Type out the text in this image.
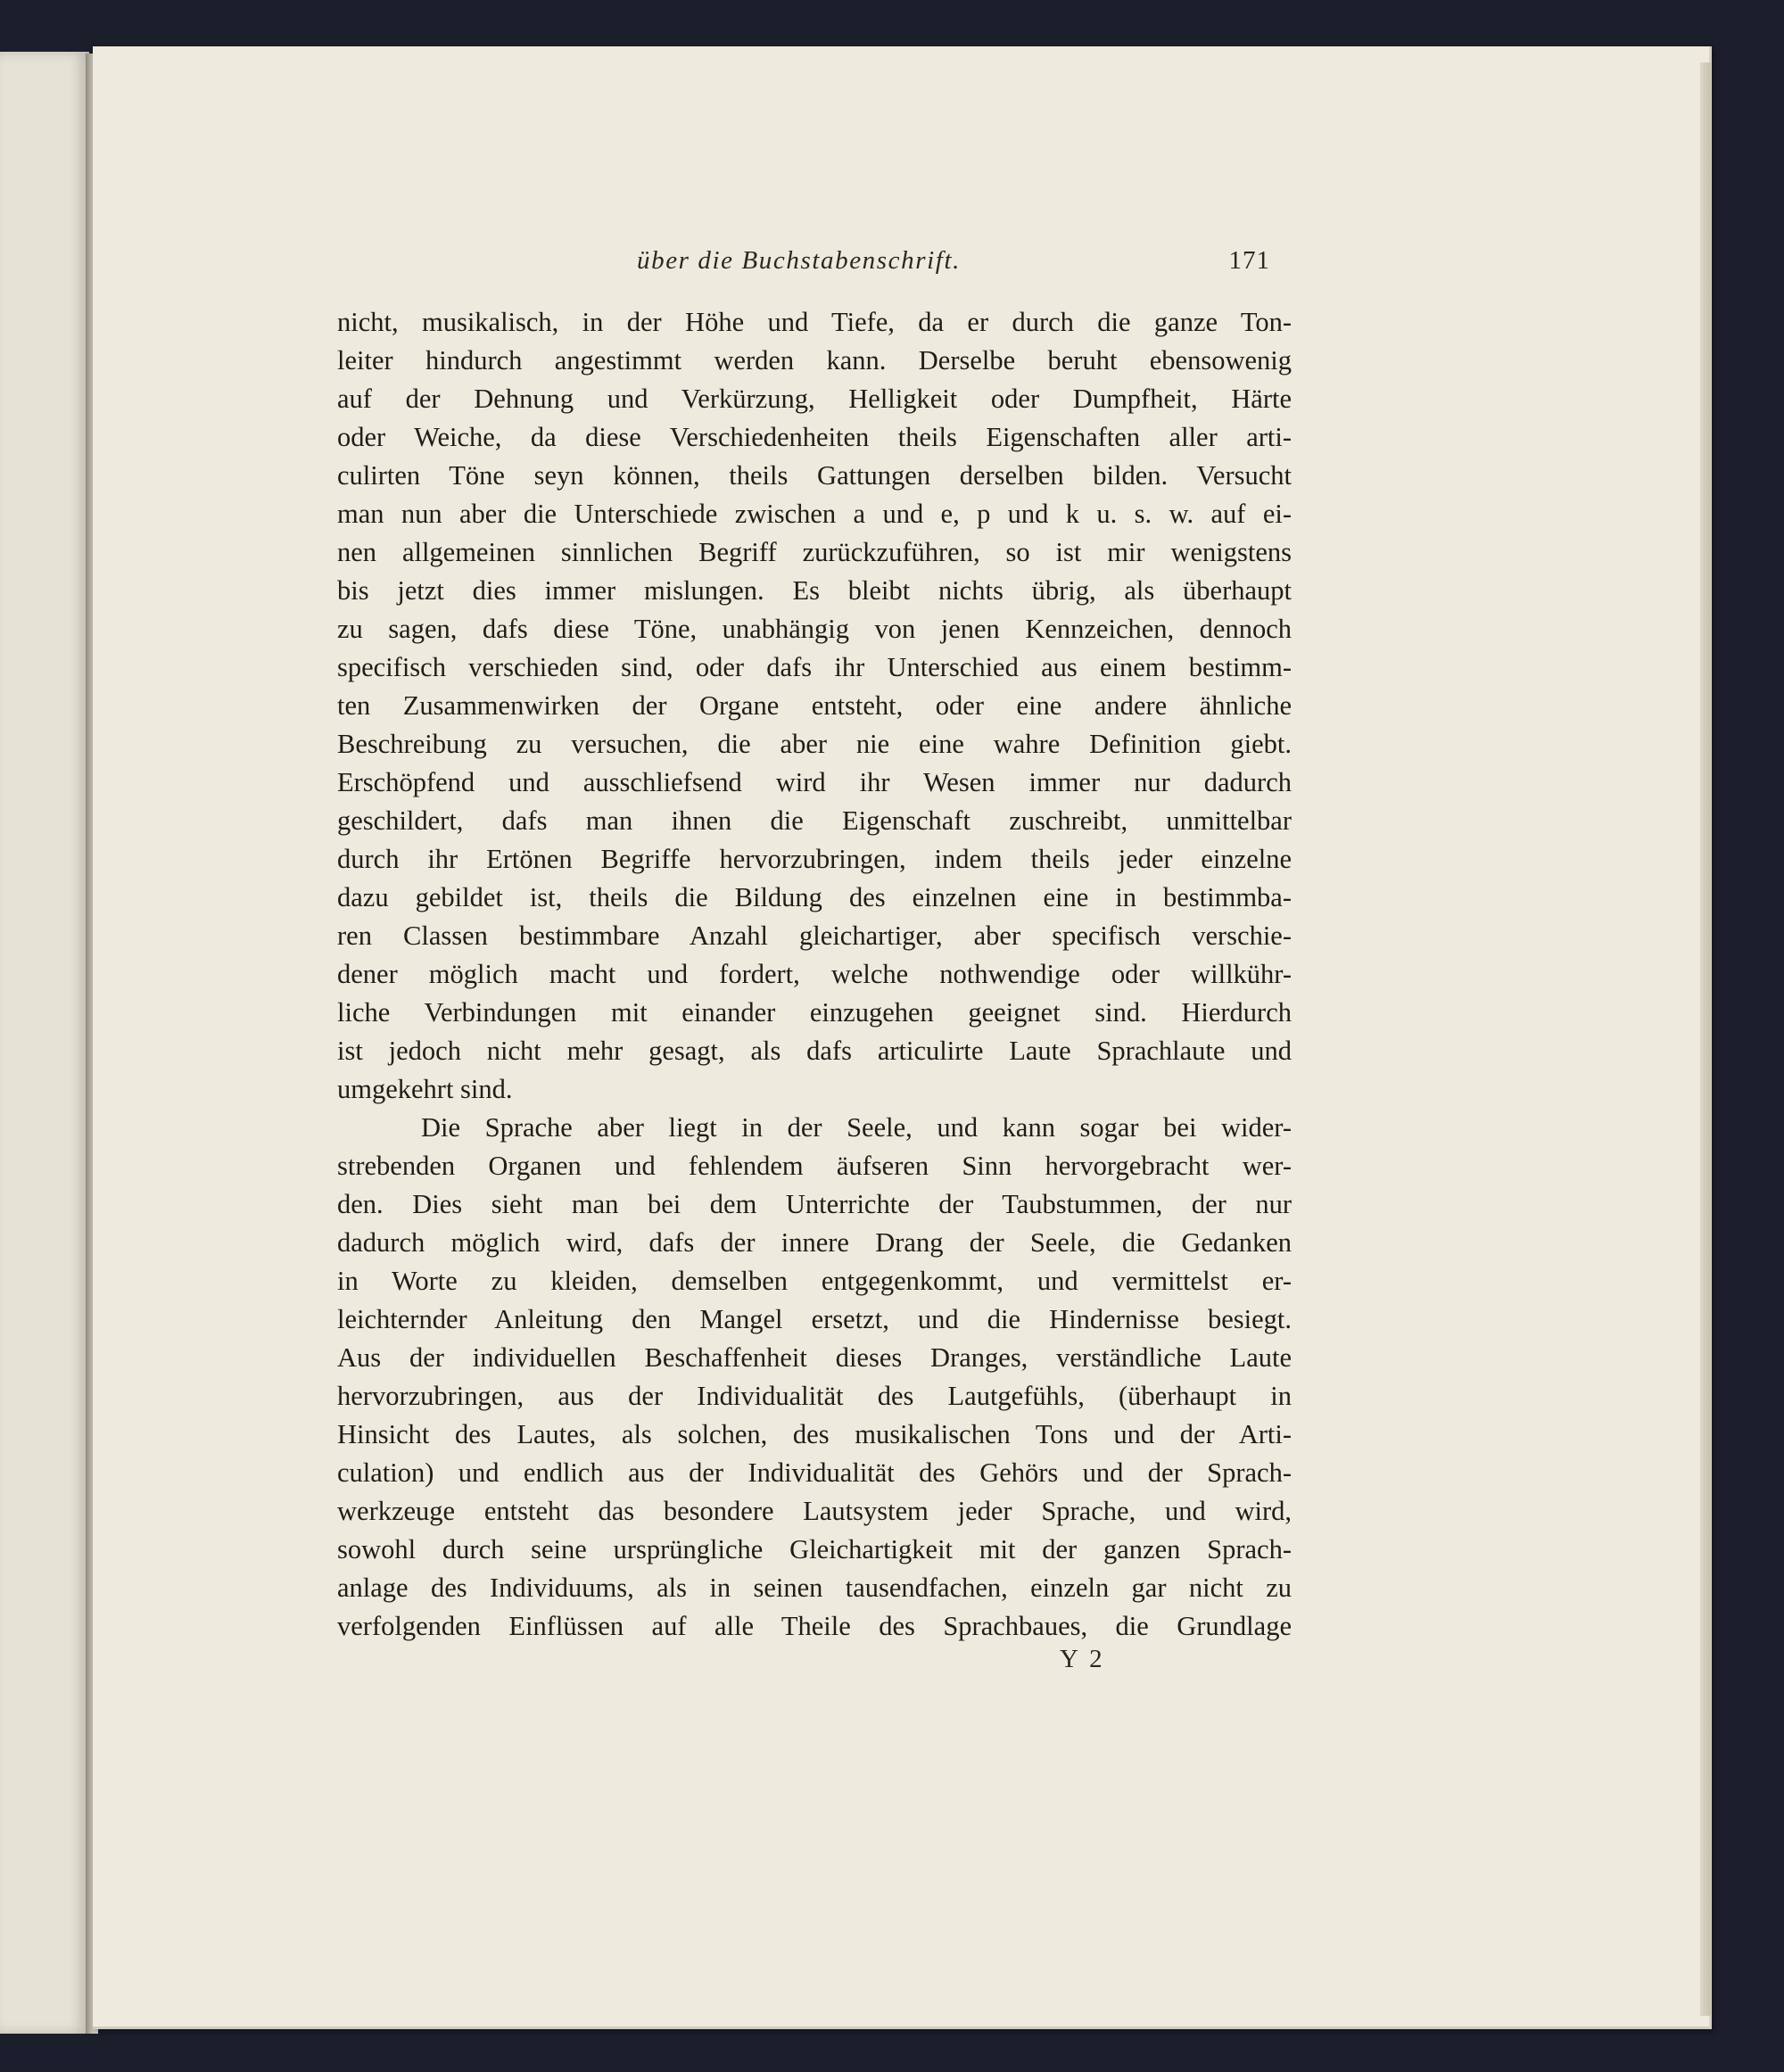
über die Buchstabenschrift.	171
nicht, musikalisch, in der Höhe und Tiefe, da er durch die ganze Ton-
leiter hindurch angestimmt werden kann. Derselbe beruht ebensowenig
auf der Dehnung und Verkürzung, Helligkeit oder Dumpfheit, Härte
oder Weiche, da diese Verschiedenheiten theils Eigenschaften aller arti-
culirten Töne seyn können, theils Gattungen derselben bilden. Versucht
man nun aber die Unterschiede zwischen a und e, p und k u. s. w. auf ei-
nen allgemeinen sinnlichen Begriff zurückzuführen, so ist mir wenigstens
bis jetzt dies immer mislungen. Es bleibt nichts übrig, als überhaupt
zu sagen, dafs diese Töne, unabhängig von jenen Kennzeichen, dennoch
specifisch verschieden sind, oder dafs ihr Unterschied aus einem bestimm-
ten Zusammenwirken der Organe entsteht, oder eine andere ähnliche
Beschreibung zu versuchen, die aber nie eine wahre Definition giebt.
Erschöpfend und ausschliefsend wird ihr Wesen immer nur dadurch
geschildert, dafs man ihnen die Eigenschaft zuschreibt, unmittelbar
durch ihr Ertönen Begriffe hervorzubringen, indem theils jeder einzelne
dazu gebildet ist, theils die Bildung des einzelnen eine in bestimmba-
ren Classen bestimmbare Anzahl gleichartiger, aber specifisch verschie-
dener möglich macht und fordert, welche nothwendige oder willkühr-
liche Verbindungen mit einander einzugehen geeignet sind. Hierdurch
ist jedoch nicht mehr gesagt, als dafs articulirte Laute Sprachlaute und
umgekehrt sind.
Die Sprache aber liegt in der Seele, und kann sogar bei wider-
strebenden Organen und fehlendem äufseren Sinn hervorgebracht wer-
den. Dies sieht man bei dem Unterrichte der Taubstummen, der nur
dadurch möglich wird, dafs der innere Drang der Seele, die Gedanken
in Worte zu kleiden, demselben entgegenkommt, und vermittelst er-
leichternder Anleitung den Mangel ersetzt, und die Hindernisse besiegt.
Aus der individuellen Beschaffenheit dieses Dranges, verständliche Laute
hervorzubringen, aus der Individualität des Lautgefühls, (überhaupt in
Hinsicht des Lautes, als solchen, des musikalischen Tons und der Arti-
culation) und endlich aus der Individualität des Gehörs und der Sprach-
werkzeuge entsteht das besondere Lautsystem jeder Sprache, und wird,
sowohl durch seine ursprüngliche Gleichartigkeit mit der ganzen Sprach-
anlage des Individuums, als in seinen tausendfachen, einzeln gar nicht zu
verfolgenden Einflüssen auf alle Theile des Sprachbaues, die Grundlage
Y 2
